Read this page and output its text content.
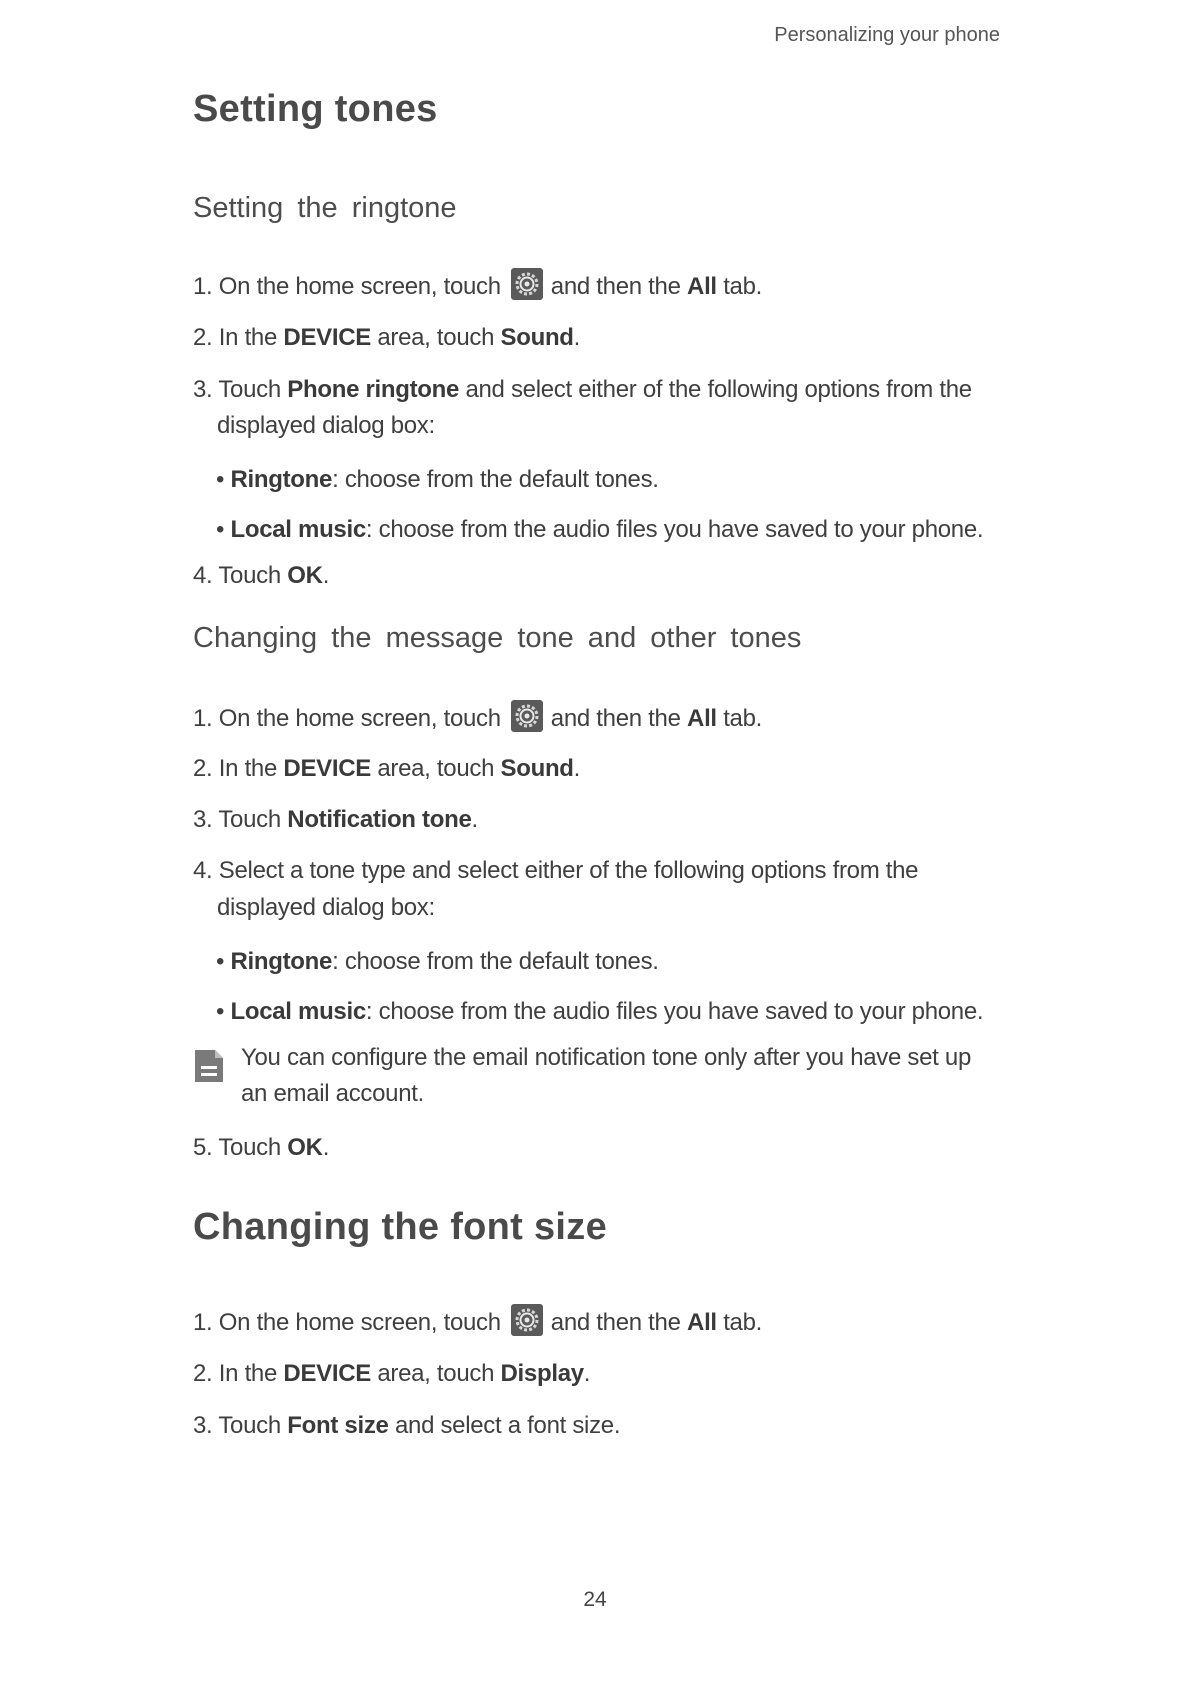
Personalizing your phone
Setting tones
Setting the ringtone
1. On the home screen, touch and then the All tab.
2. In the DEVICE area, touch Sound.
3. Touch Phone ringtone and select either of the following options from the
displayed dialog box:
• Ringtone: choose from the default tones.
• Local music: choose from the audio files you have saved to your phone.
4. Touch OK.
Changing the message tone and other tones
1. On the home screen, touch and then the All tab.
2. In the DEVICE area, touch Sound.
3. Touch Notification tone.
4. Select a tone type and select either of the following options from the
displayed dialog box:
• Ringtone: choose from the default tones.
• Local music: choose from the audio files you have saved to your phone.
You can configure the email notification tone only after you have set up
an email account.
5. Touch OK.
Changing the font size
1. On the home screen, touch and then the All tab.
2. In the DEVICE area, touch Display.
3. Touch Font size and select a font size.
24
